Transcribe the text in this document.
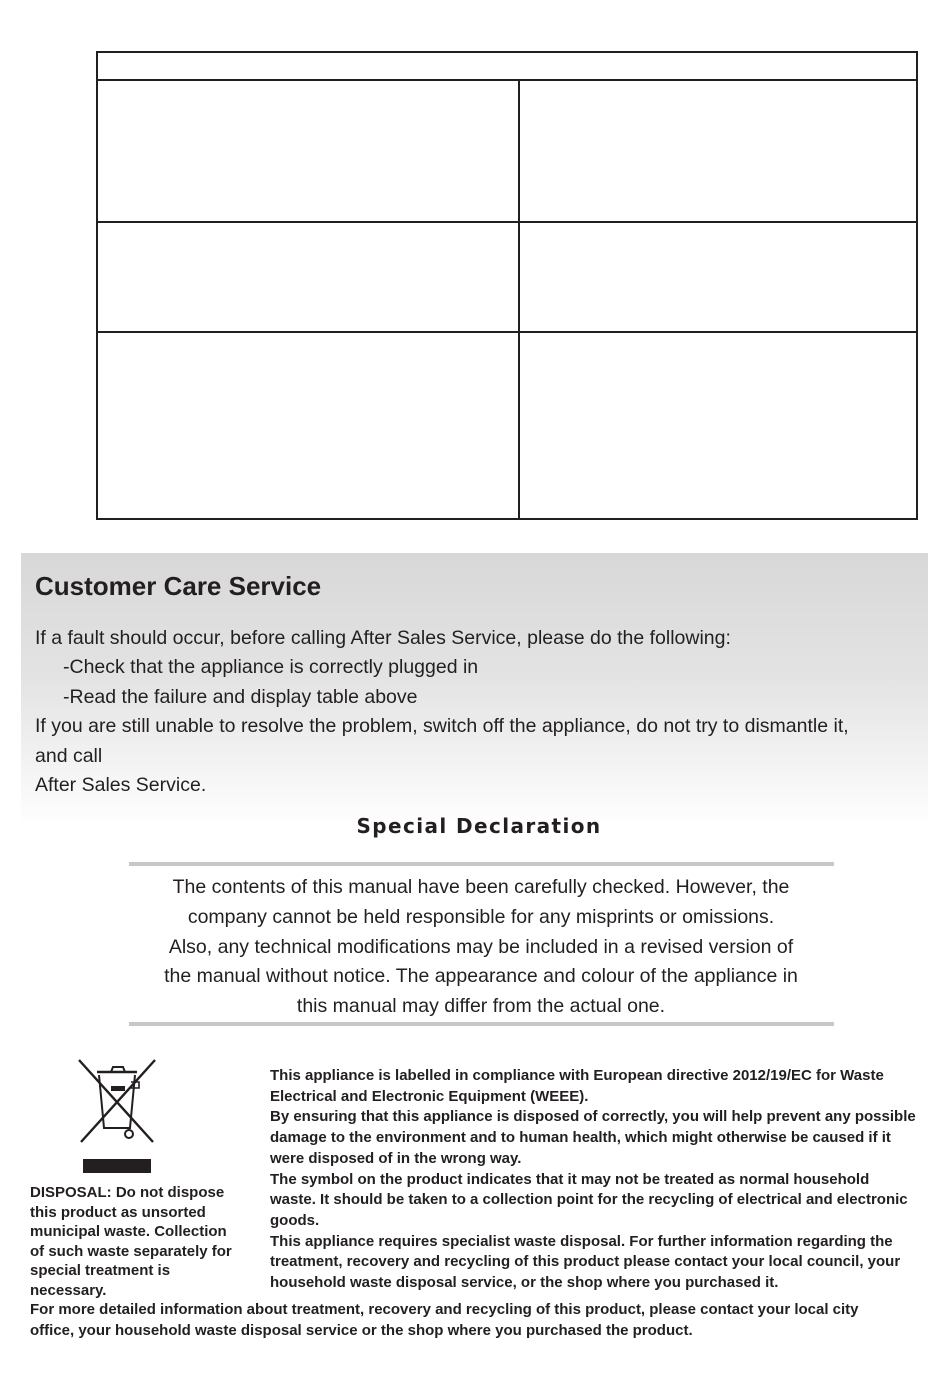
Customer Care Service
If a fault should occur, before calling After Sales Service, please do the following:
-Check that the appliance is correctly plugged in
-Read the failure and display table above
If you are still unable to resolve the problem, switch off the appliance, do not try to dismantle it,
and call
After Sales Service.
Special Declaration
The contents of this manual have been carefully checked. However, the
company cannot be held responsible for any misprints or omissions.
Also, any technical modifications may be included in a revised version of
the manual without notice. The appearance and colour of the appliance in
this manual may differ from the actual one.
DISPOSAL: Do not dispose
this product as unsorted
municipal waste. Collection
of such waste separately for
special treatment is
necessary.
This appliance is labelled in compliance with European directive 2012/19/EC for Waste
Electrical and Electronic Equipment (WEEE).
By ensuring that this appliance is disposed of correctly, you will help prevent any possible
damage to the environment and to human health, which might otherwise be caused if it
were disposed of in the wrong way.
The symbol on the product indicates that it may not be treated as normal household
waste. It should be taken to a collection point for the recycling of electrical and electronic
goods.
This appliance requires specialist waste disposal. For further information regarding the
treatment, recovery and recycling of this product please contact your local council, your
household waste disposal service, or the shop where you purchased it.
For more detailed information about treatment, recovery and recycling of this product, please contact your local city
office, your household waste disposal service or the shop where you purchased the product.
